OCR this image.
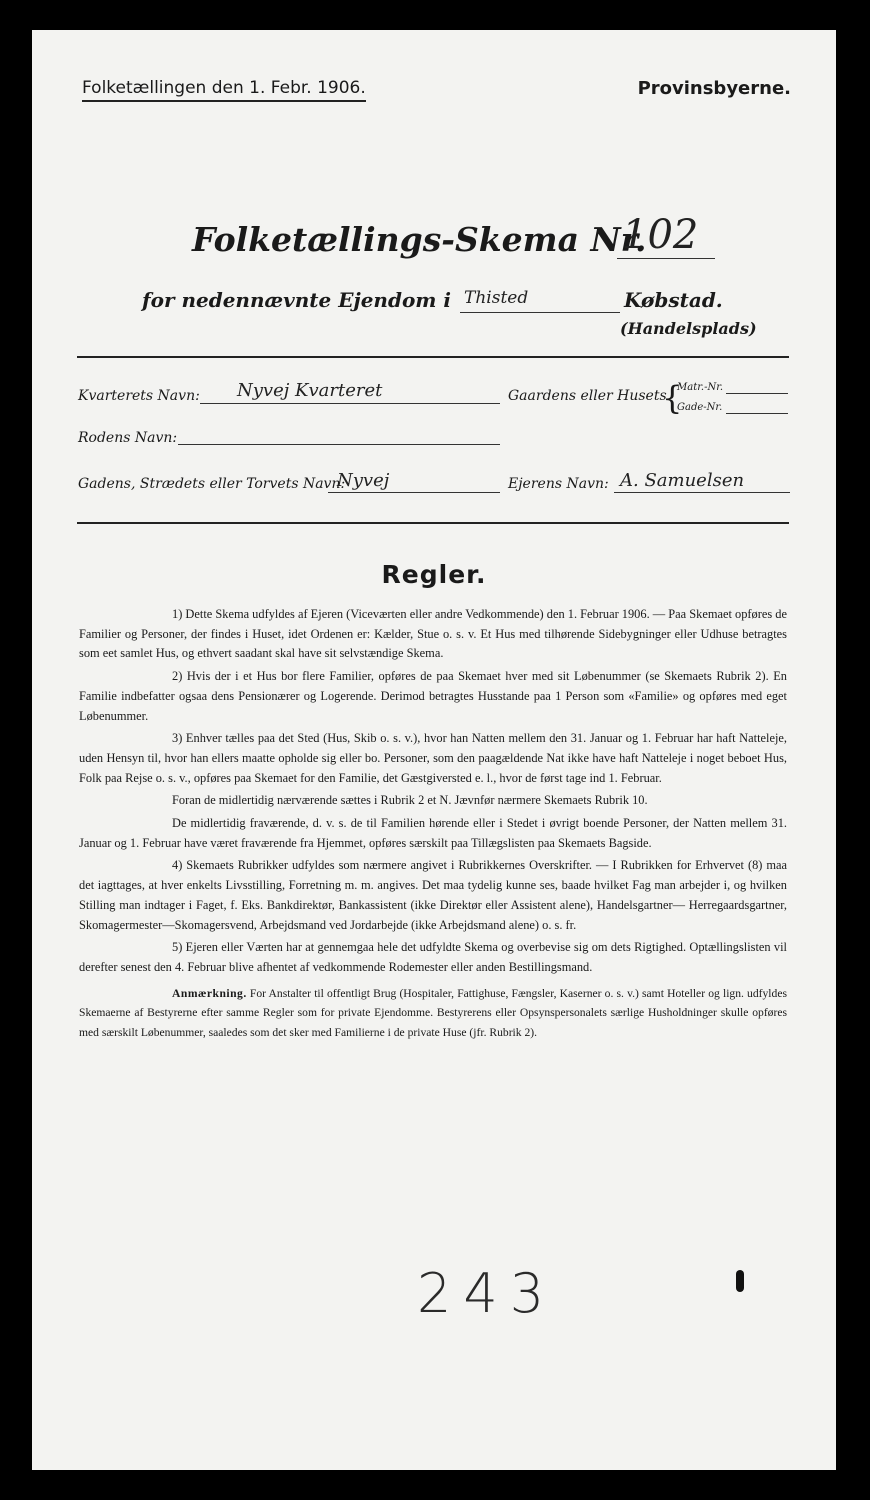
Folketællingen den 1. Febr. 1906.	Provinsbyerne.
Folketællings-Skema Nr.
102
for nedennævnte Ejendom i Thisted	Købstad.
(Handelsplads)
Kvarterets Navn: Nyvej Kvarteret	Gaardens eller Husets
{
Matr.-Nr.
Gade-Nr.
Rodens Navn:
Gadens, Strædets eller Torvets Navn:
Nyvej	Ejerens Navn: A. Samuelsen
Regler.

1) Dette Skema udfyldes af Ejeren (Viceværten eller andre Vedkommende) den 1. Februar 1906. — Paa Skemaet opføres de Familier og Personer, der findes i Huset, idet Ordenen er: Kælder, Stue o. s. v. Et Hus med tilhørende Sidebygninger eller Udhuse betragtes som eet samlet Hus, og ethvert saadant skal have sit selvstændige Skema.

2) Hvis der i et Hus bor flere Familier, opføres de paa Skemaet hver med sit Løbenummer (se Skemaets Rubrik 2). En Familie indbefatter ogsaa dens Pensionærer og Logerende. Derimod betragtes Husstande paa 1 Person som «Familie» og opføres med eget Løbenummer.

3) Enhver tælles paa det Sted (Hus, Skib o. s. v.), hvor han Natten mellem den 31. Januar og 1. Februar har haft Natteleje, uden Hensyn til, hvor han ellers maatte opholde sig eller bo. Personer, som den paagældende Nat ikke have haft Natteleje i noget beboet Hus, Folk paa Rejse o. s. v., opføres paa Skemaet for den Familie, det Gæstgiversted e. l., hvor de først tage ind 1. Februar.

Foran de midlertidig nærværende sættes i Rubrik 2 et N. Jævnfør nærmere Skemaets Rubrik 10.

De midlertidig fraværende, d. v. s. de til Familien hørende eller i Stedet i øvrigt boende Personer, der Natten mellem 31. Januar og 1. Februar have været fraværende fra Hjemmet, opføres særskilt paa Tillægslisten paa Skemaets Bagside.

4) Skemaets Rubrikker udfyldes som nærmere angivet i Rubrikkernes Overskrifter. — I Rubrikken for Erhvervet (8) maa det iagttages, at hver enkelts Livsstilling, Forretning m. m. angives. Det maa tydelig kunne ses, baade hvilket Fag man arbejder i, og hvilken Stilling man indtager i Faget, f. Eks. Bankdirektør, Bankassistent (ikke Direktør eller Assistent alene), Handelsgartner— Herregaardsgartner, Skomagermester—Skomagersvend, Arbejdsmand ved Jordarbejde (ikke Arbejdsmand alene) o. s. fr.

5) Ejeren eller Værten har at gennemgaa hele det udfyldte Skema og overbevise sig om dets Rigtighed. Optællingslisten vil derefter senest den 4. Februar blive afhentet af vedkommende Rodemester eller anden Bestillingsmand.

Anmærkning. For Anstalter til offentligt Brug (Hospitaler, Fattighuse, Fængsler, Kaserner o. s. v.) samt Hoteller og lign. udfyldes Skemaerne af Bestyrerne efter samme Regler som for private Ejendomme. Bestyrerens eller Opsynspersonalets særlige Husholdninger skulle opføres med særskilt Løbenummer, saaledes som det sker med Familierne i de private Huse (jfr. Rubrik 2).

243
